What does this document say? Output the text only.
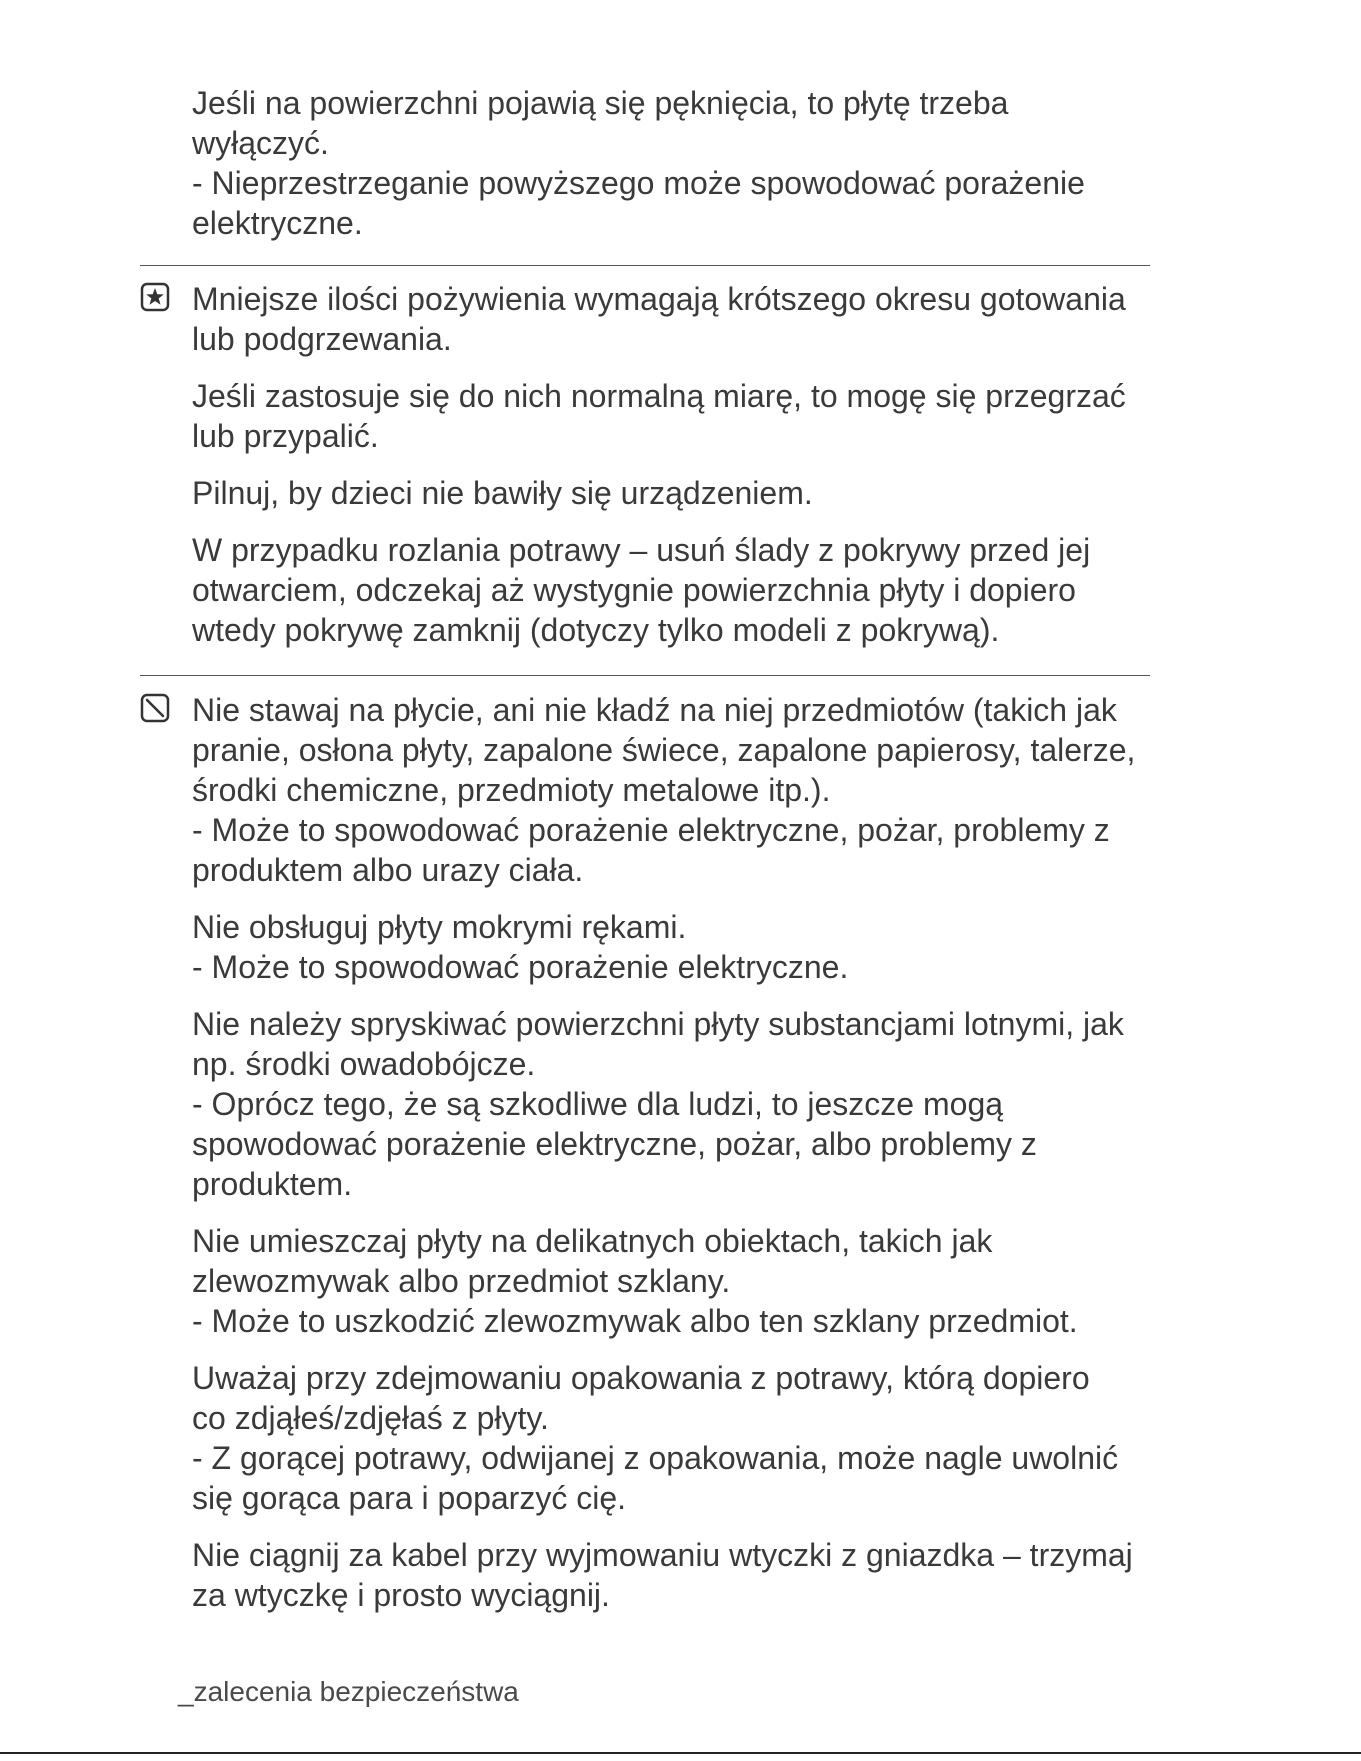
Jeśli na powierzchni pojawią się pęknięcia, to płytę trzeba
wyłączyć.
- Nieprzestrzeganie powyższego może spowodować porażenie
elektryczne.

Mniejsze ilości pożywienia wymagają krótszego okresu gotowania
lub podgrzewania.

Jeśli zastosuje się do nich normalną miarę, to mogę się przegrzać
lub przypalić.

Pilnuj, by dzieci nie bawiły się urządzeniem.

W przypadku rozlania potrawy – usuń ślady z pokrywy przed jej
otwarciem, odczekaj aż wystygnie powierzchnia płyty i dopiero
wtedy pokrywę zamknij (dotyczy tylko modeli z pokrywą).

Nie stawaj na płycie, ani nie kładź na niej przedmiotów (takich jak
pranie, osłona płyty, zapalone świece, zapalone papierosy, talerze,
środki chemiczne, przedmioty metalowe itp.).
- Może to spowodować porażenie elektryczne, pożar, problemy z
produktem albo urazy ciała.

Nie obsługuj płyty mokrymi rękami.
- Może to spowodować porażenie elektryczne.

Nie należy spryskiwać powierzchni płyty substancjami lotnymi, jak
np. środki owadobójcze.
- Oprócz tego, że są szkodliwe dla ludzi, to jeszcze mogą
spowodować porażenie elektryczne, pożar, albo problemy z
produktem.

Nie umieszczaj płyty na delikatnych obiektach, takich jak
zlewozmywak albo przedmiot szklany.
- Może to uszkodzić zlewozmywak albo ten szklany przedmiot.

Uważaj przy zdejmowaniu opakowania z potrawy, którą dopiero
co zdjąłeś/zdjęłaś z płyty.
- Z gorącej potrawy, odwijanej z opakowania, może nagle uwolnić
się gorąca para i poparzyć cię.

Nie ciągnij za kabel przy wyjmowaniu wtyczki z gniazdka – trzymaj
za wtyczkę i prosto wyciągnij.

_zalecenia bezpieczeństwa
